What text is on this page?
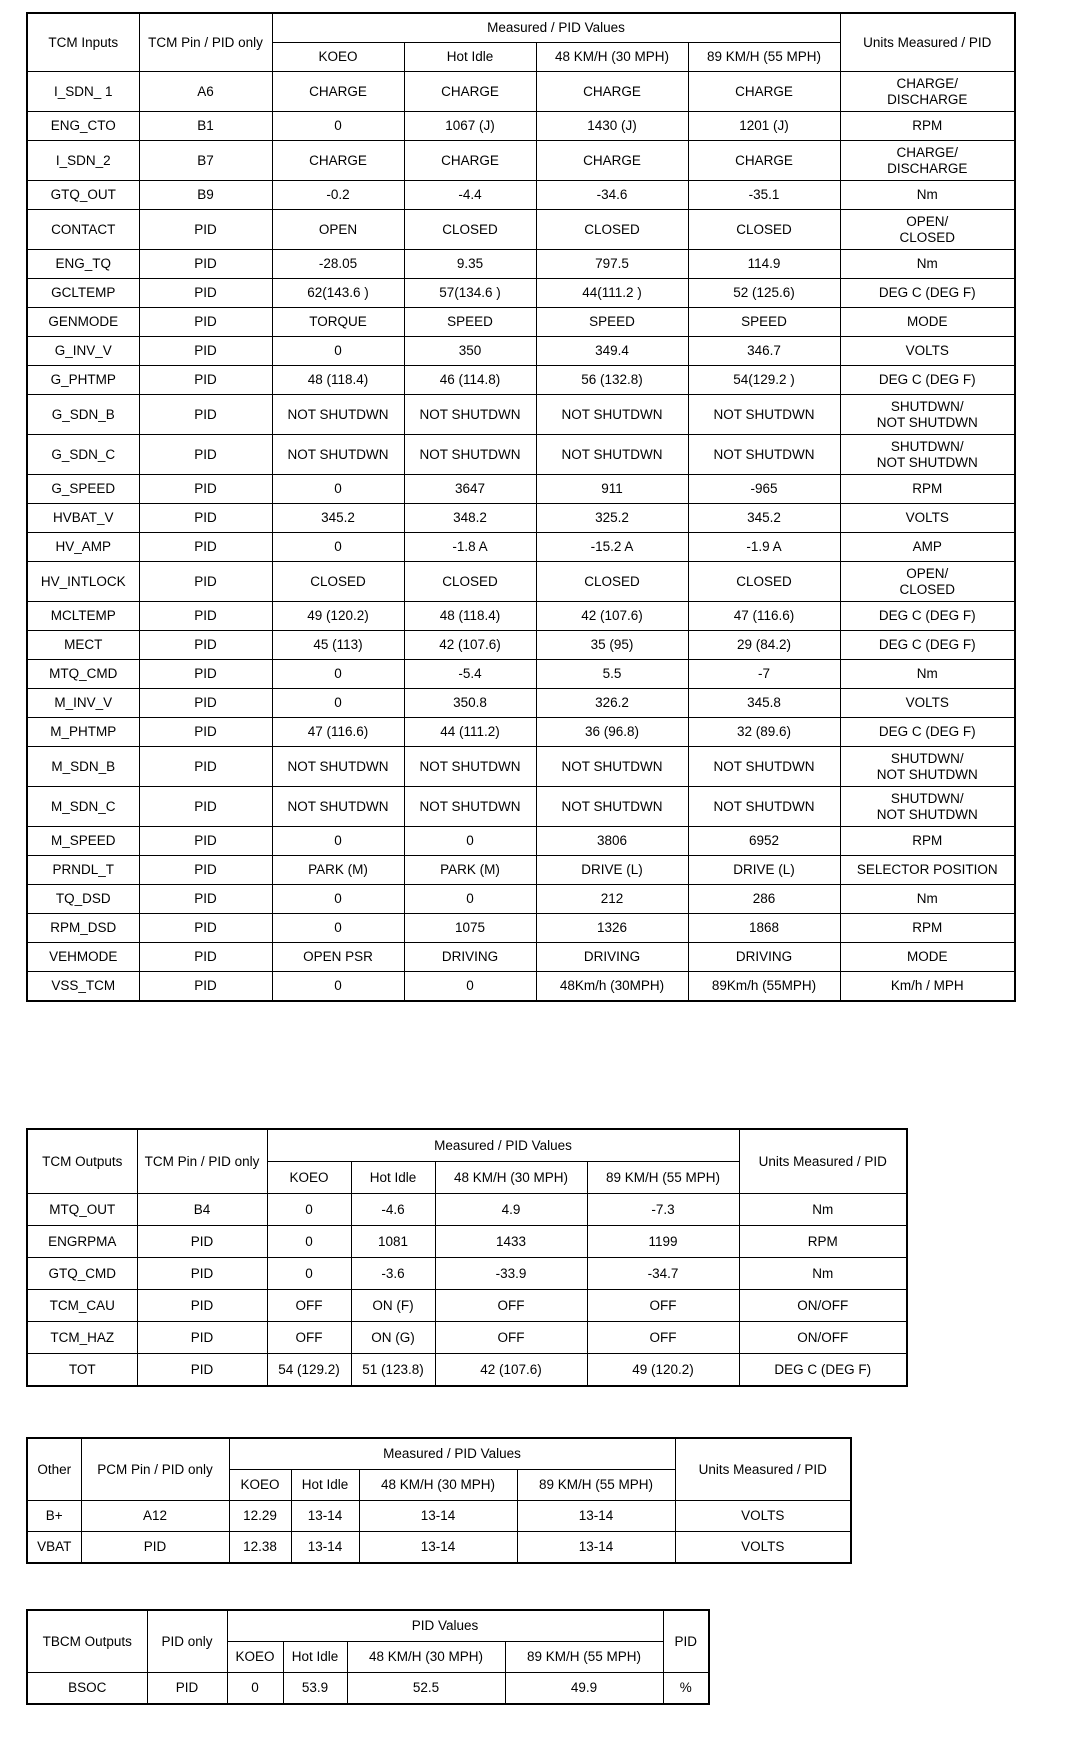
TCM Inputs	TCM Pin / PID only	Measured / PID Values				Units Measured / PID
		KOEO	Hot Idle	48 KM/H (30 MPH)	89 KM/H (55 MPH)	
I_SDN_ 1	A6	CHARGE	CHARGE	CHARGE	CHARGE	CHARGE/
DISCHARGE
ENG_CTO	B1	0	1067 (J)	1430 (J)	1201 (J)	RPM
I_SDN_2	B7	CHARGE	CHARGE	CHARGE	CHARGE	CHARGE/
DISCHARGE
GTQ_OUT	B9	-0.2	-4.4	-34.6	-35.1	Nm
CONTACT	PID	OPEN	CLOSED	CLOSED	CLOSED	OPEN/
CLOSED
ENG_TQ	PID	-28.05	9.35	797.5	114.9	Nm
GCLTEMP	PID	62(143.6 )	57(134.6 )	44(111.2 )	52 (125.6)	DEG C (DEG F)
GENMODE	PID	TORQUE	SPEED	SPEED	SPEED	MODE
G_INV_V	PID	0	350	349.4	346.7	VOLTS
G_PHTMP	PID	48 (118.4)	46 (114.8)	56 (132.8)	54(129.2 )	DEG C (DEG F)
G_SDN_B	PID	NOT SHUTDWN	NOT SHUTDWN	NOT SHUTDWN	NOT SHUTDWN	SHUTDWN/
NOT SHUTDWN
G_SDN_C	PID	NOT SHUTDWN	NOT SHUTDWN	NOT SHUTDWN	NOT SHUTDWN	SHUTDWN/
NOT SHUTDWN
G_SPEED	PID	0	3647	911	-965	RPM
HVBAT_V	PID	345.2	348.2	325.2	345.2	VOLTS
HV_AMP	PID	0	-1.8 A	-15.2 A	-1.9 A	AMP
HV_INTLOCK	PID	CLOSED	CLOSED	CLOSED	CLOSED	OPEN/
CLOSED
MCLTEMP	PID	49 (120.2)	48 (118.4)	42 (107.6)	47 (116.6)	DEG C (DEG F)
MECT	PID	45 (113)	42 (107.6)	35 (95)	29 (84.2)	DEG C (DEG F)
MTQ_CMD	PID	0	-5.4	5.5	-7	Nm
M_INV_V	PID	0	350.8	326.2	345.8	VOLTS
M_PHTMP	PID	47 (116.6)	44 (111.2)	36 (96.8)	32 (89.6)	DEG C (DEG F)
M_SDN_B	PID	NOT SHUTDWN	NOT SHUTDWN	NOT SHUTDWN	NOT SHUTDWN	SHUTDWN/
NOT SHUTDWN
M_SDN_C	PID	NOT SHUTDWN	NOT SHUTDWN	NOT SHUTDWN	NOT SHUTDWN	SHUTDWN/
NOT SHUTDWN
M_SPEED	PID	0	0	3806	6952	RPM
PRNDL_T	PID	PARK (M)	PARK (M)	DRIVE (L)	DRIVE (L)	SELECTOR POSITION
TQ_DSD	PID	0	0	212	286	Nm
RPM_DSD	PID	0	1075	1326	1868	RPM
VEHMODE	PID	OPEN PSR	DRIVING	DRIVING	DRIVING	MODE
VSS_TCM	PID	0	0	48Km/h (30MPH)	89Km/h (55MPH)	Km/h / MPH
TCM Outputs	TCM Pin / PID only	Measured / PID Values				Units Measured / PID
		KOEO	Hot Idle	48 KM/H (30 MPH)	89 KM/H (55 MPH)	
MTQ_OUT	B4	0	-4.6	4.9	-7.3	Nm
ENGRPMA	PID	0	1081	1433	1199	RPM
GTQ_CMD	PID	0	-3.6	-33.9	-34.7	Nm
TCM_CAU	PID	OFF	ON (F)	OFF	OFF	ON/OFF
TCM_HAZ	PID	OFF	ON (G)	OFF	OFF	ON/OFF
TOT	PID	54 (129.2)	51 (123.8)	42 (107.6)	49 (120.2)	DEG C (DEG F)
Other	PCM Pin / PID only	Measured / PID Values				Units Measured / PID
		KOEO	Hot Idle	48 KM/H (30 MPH)	89 KM/H (55 MPH)	
B+	A12	12.29	13-14	13-14	13-14	VOLTS
VBAT	PID	12.38	13-14	13-14	13-14	VOLTS
TBCM Outputs	PID only	PID Values				PID
		KOEO	Hot Idle	48 KM/H (30 MPH)	89 KM/H (55 MPH)	
BSOC	PID	0	53.9	52.5	49.9	%
